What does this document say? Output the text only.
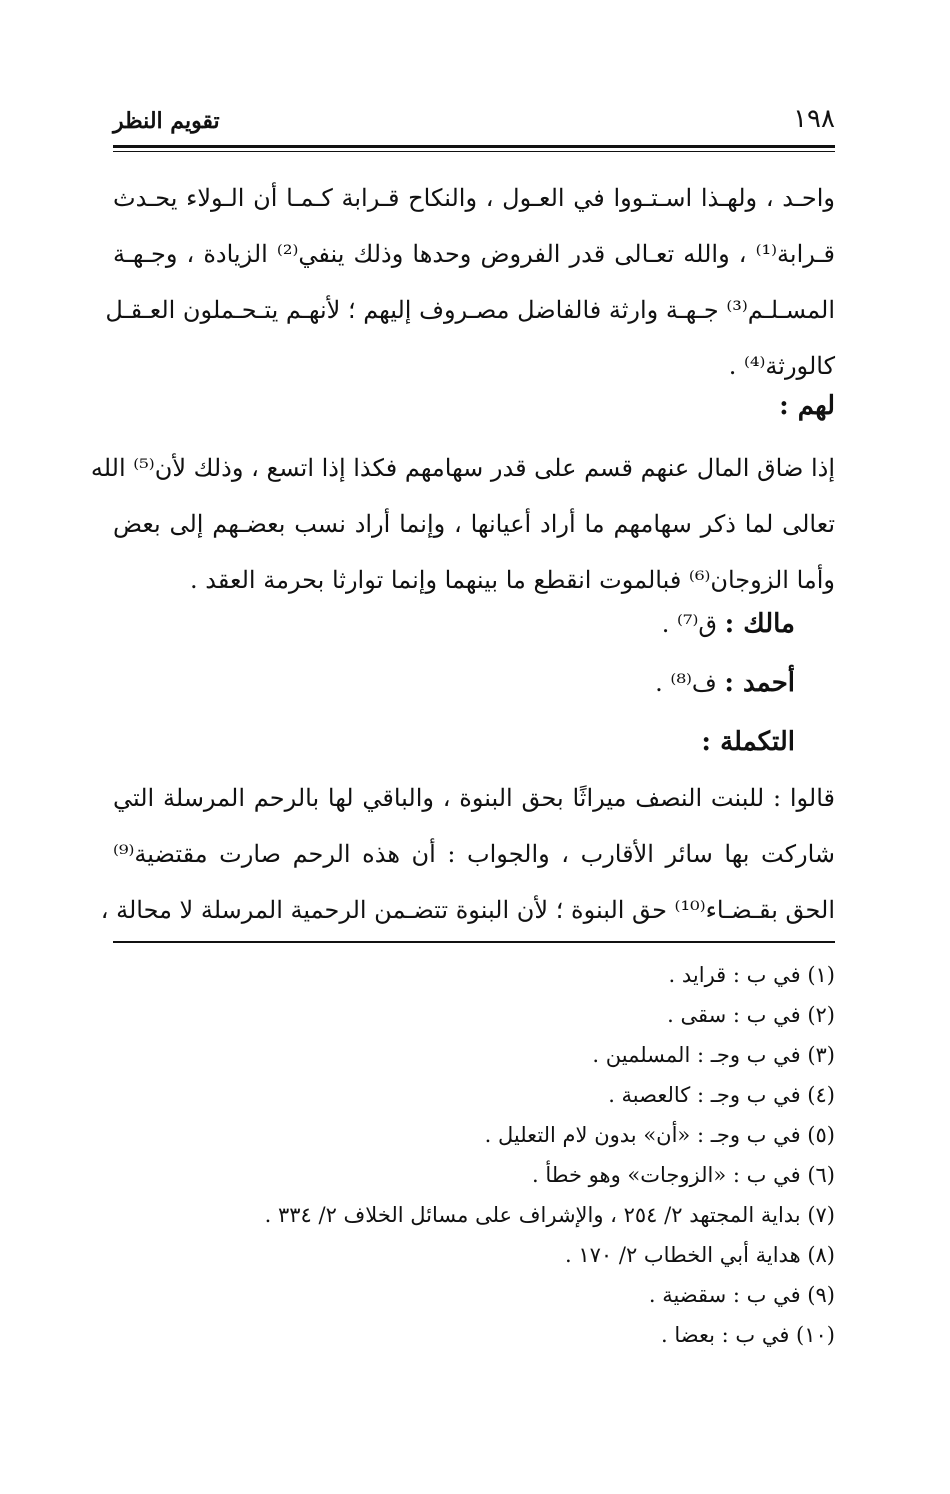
١٩٨
تقويم النظر
واحـد ، ولهـذا اسـتـووا في العـول ، والنكاح قـرابة كـمـا أن الـولاء يحـدث
قـرابة⁽¹⁾ ، والله تعـالى قدر الفروض وحدها وذلك ينفي⁽²⁾ الزيادة ، وجـهـة
المسـلـم⁽³⁾ جـهـة وارثة فالفاضل مصـروف إليهم ؛ لأنهـم يتـحـملون العـقـل
كالورثة⁽⁴⁾ .
لهم :
إذا ضاق المال عنهم قسم على قدر سهامهم فكذا إذا اتسع ، وذلك لأن⁽⁵⁾ الله
تعالى لما ذكر سهامهم ما أراد أعيانها ، وإنما أراد نسب بعضـهم إلى بعض
وأما الزوجان⁽⁶⁾ فبالموت انقطع ما بينهما وإنما توارثا بحرمة العقد .
مالك : ق⁽⁷⁾ .
أحمد : ف⁽⁸⁾ .
التكملة :
قالوا : للبنت النصف ميراثًا بحق البنوة ، والباقي لها بالرحم المرسلة التي
شاركت بها سائر الأقارب ، والجواب : أن هذه الرحم صارت مقتضية⁽⁹⁾
الحق بقـضـاء⁽¹⁰⁾ حق البنوة ؛ لأن البنوة تتضـمن الرحمية المرسلة لا محالة ،
(١) في ب : قرايد .
(٢) في ب : سقى .
(٣) في ب وجـ : المسلمين .
(٤) في ب وجـ : كالعصبة .
(٥) في ب وجـ : «أن» بدون لام التعليل .
(٦) في ب : «الزوجات» وهو خطأ .
(٧) بداية المجتهد ٢/ ٢٥٤ ، والإشراف على مسائل الخلاف ٢/ ٣٣٤ .
(٨) هداية أبي الخطاب ٢/ ١٧٠ .
(٩) في ب : سقضية .
(١٠) في ب : بعضا .
